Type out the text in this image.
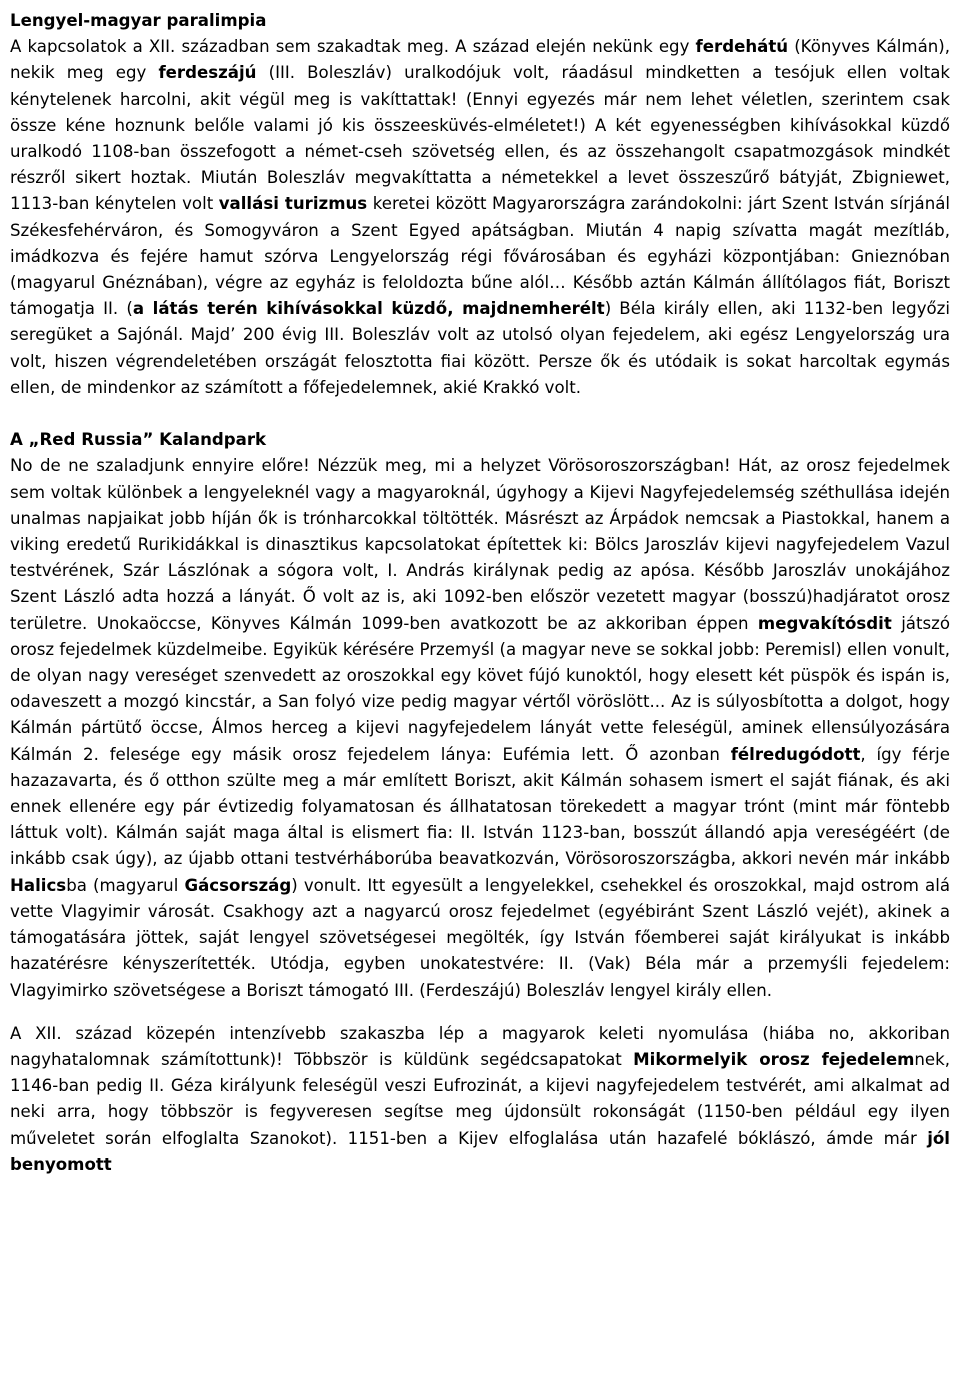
Lengyel-magyar paralimpia

A kapcsolatok a XII. században sem szakadtak meg. A század elején nekünk egy ferdehátú (Könyves Kálmán), nekik meg egy ferdeszájú (III. Boleszláv) uralkodójuk volt, ráadásul mindketten a tesójuk ellen voltak kénytelenek harcolni, akit végül meg is vakíttattak! (Ennyi egyezés már nem lehet véletlen, szerintem csak össze kéne hoznunk belőle valami jó kis összeesküvés-elméletet!) A két egyenességben kihívásokkal küzdő uralkodó 1108-ban összefogott a német-cseh szövetség ellen, és az összehangolt csapatmozgások mindkét részről sikert hoztak. Miután Boleszláv megvakíttatta a németekkel a levet összeszűrő bátyját, Zbigniewet, 1113-ban kénytelen volt vallási turizmus keretei között Magyarországra zarándokolni: járt Szent István sírjánál Székesfehérváron, és Somogyváron a Szent Egyed apátságban. Miután 4 napig szívatta magát mezítláb, imádkozva és fejére hamut szórva Lengyelország régi fővárosában és egyházi központjában: Gnieznóban (magyarul Gnéznában), végre az egyház is feloldozta bűne alól… Később aztán Kálmán állítólagos fiát, Boriszt támogatja II. (a látás terén kihívásokkal küzdő, majdnemherélt) Béla király ellen, aki 1132-ben legyőzi seregüket a Sajónál. Majd’ 200 évig III. Boleszláv volt az utolsó olyan fejedelem, aki egész Lengyelország ura volt, hiszen végrendeletében országát felosztotta fiai között. Persze ők és utódaik is sokat harcoltak egymás ellen, de mindenkor az számított a főfejedelemnek, akié Krakkó volt.

A „Red Russia” Kalandpark

No de ne szaladjunk ennyire előre! Nézzük meg, mi a helyzet Vörösoroszországban! Hát, az orosz fejedelmek sem voltak különbek a lengyeleknél vagy a magyaroknál, úgyhogy a Kijevi Nagyfejedelemség széthullása idején unalmas napjaikat jobb híján ők is trónharcokkal töltötték. Másrészt az Árpádok nemcsak a Piastokkal, hanem a viking eredetű Rurikidákkal is dinasztikus kapcsolatokat építettek ki: Bölcs Jaroszláv kijevi nagyfejedelem Vazul testvérének, Szár Lászlónak a sógora volt, I. András királynak pedig az apósa. Később Jaroszláv unokájához Szent László adta hozzá a lányát. Ő volt az is, aki 1092-ben először vezetett magyar (bosszú)hadjáratot orosz területre. Unokaöccse, Könyves Kálmán 1099-ben avatkozott be az akkoriban éppen megvakítósdit játszó orosz fejedelmek küzdelmeibe. Egyikük kérésére Przemyśl (a magyar neve se sokkal jobb: Peremisl) ellen vonult, de olyan nagy vereséget szenvedett az oroszokkal egy követ fújó kunoktól, hogy elesett két püspök és ispán is, odaveszett a mozgó kincstár, a San folyó vize pedig magyar vértől vöröslött... Az is súlyosbította a dolgot, hogy Kálmán pártütő öccse, Álmos herceg a kijevi nagyfejedelem lányát vette feleségül, aminek ellensúlyozására Kálmán 2. felesége egy másik orosz fejedelem lánya: Eufémia lett. Ő azonban félredugódott, így férje hazazavarta, és ő otthon szülte meg a már említett Boriszt, akit Kálmán sohasem ismert el saját fiának, és aki ennek ellenére egy pár évtizedig folyamatosan és állhatatosan törekedett a magyar trónt (mint már föntebb láttuk volt). Kálmán saját maga által is elismert fia: II. István 1123-ban, bosszút állandó apja vereségéért (de inkább csak úgy), az újabb ottani testvérháborúba beavatkozván, Vörösoroszországba, akkori nevén már inkább Halicsba (magyarul Gácsország) vonult. Itt egyesült a lengyelekkel, csehekkel és oroszokkal, majd ostrom alá vette Vlagyimir városát. Csakhogy azt a nagyarcú orosz fejedelmet (egyébiránt Szent László vejét), akinek a támogatására jöttek, saját lengyel szövetségesei megölték, így István főemberei saját királyukat is inkább hazatérésre kényszerítették. Utódja, egyben unokatestvére: II. (Vak) Béla már a przemyśli fejedelem: Vlagyimirko szövetségese a Boriszt támogató III. (Ferdeszájú) Boleszláv lengyel király ellen.

A XII. század közepén intenzívebb szakaszba lép a magyarok keleti nyomulása (hiába no, akkoriban nagyhatalomnak számítottunk)! Többször is küldünk segédcsapatokat Mikormelyik orosz fejedelemnek, 1146-ban pedig II. Géza királyunk feleségül veszi Eufrozinát, a kijevi nagyfejedelem testvérét, ami alkalmat ad neki arra, hogy többször is fegyveresen segítse meg újdonsült rokonságát (1150-ben például egy ilyen műveletet során elfoglalta Szanokot). 1151-ben a Kijev elfoglalása után hazafelé bóklászó, ámde már jól benyomott
